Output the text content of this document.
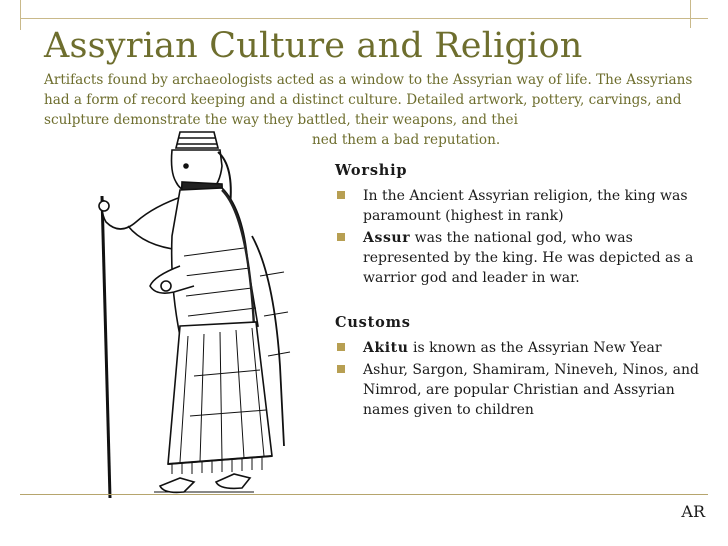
Assyrian Culture and Religion
Artifacts found by archaeologists acted as a window to the Assyrian way of life. The Assyrians had a form of record keeping and a distinct culture. Detailed artwork, pottery, carvings, and sculpture demonstrate the way they battled, their weapons, and theined them a bad reputation.
Worship
In the Ancient Assyrian religion, the king was paramount (highest in rank)
Assur was the national god, who was represented by the king. He was depicted as a warrior god and leader in war.
Customs
Akitu is known as the Assyrian New Year
Ashur, Sargon, Shamiram, Nineveh, Ninos, and Nimrod, are popular Christian and Assyrian names given to children
AR
